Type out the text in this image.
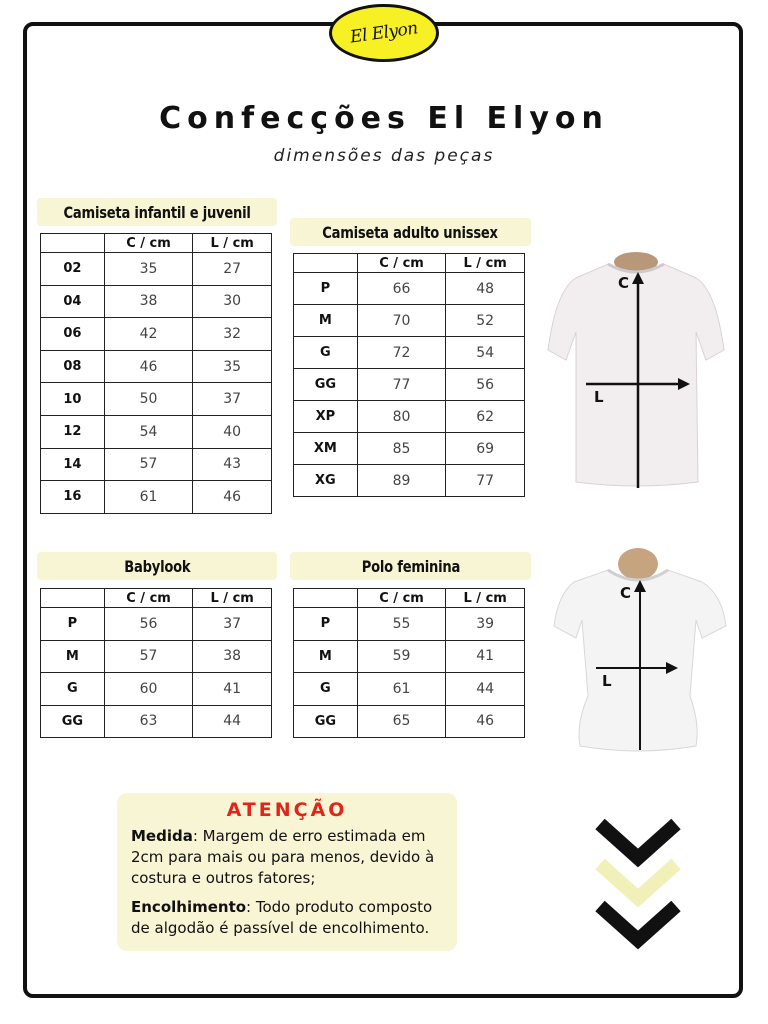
El Elyon
Confecções El Elyon
dimensões das peças
Camiseta infantil e juvenil
	C / cm	L / cm
02	35	27
04	38	30
06	42	32
08	46	35
10	50	37
12	54	40
14	57	43
16	61	46
Camiseta adulto unissex
	C / cm	L / cm
P	66	48
M	70	52
G	72	54
GG	77	56
XP	80	62
XM	85	69
XG	89	77
Babylook
	C / cm	L / cm
P	56	37
M	57	38
G	60	41
GG	63	44
Polo feminina
	C / cm	L / cm
P	55	39
M	59	41
G	61	44
GG	65	46
C
L
C
L
ATENÇÃO

Medida: Margem de erro estimada em 2cm para mais ou para menos, devido à costura e outros fatores;

Encolhimento: Todo produto composto de algodão é passível de encolhimento.
